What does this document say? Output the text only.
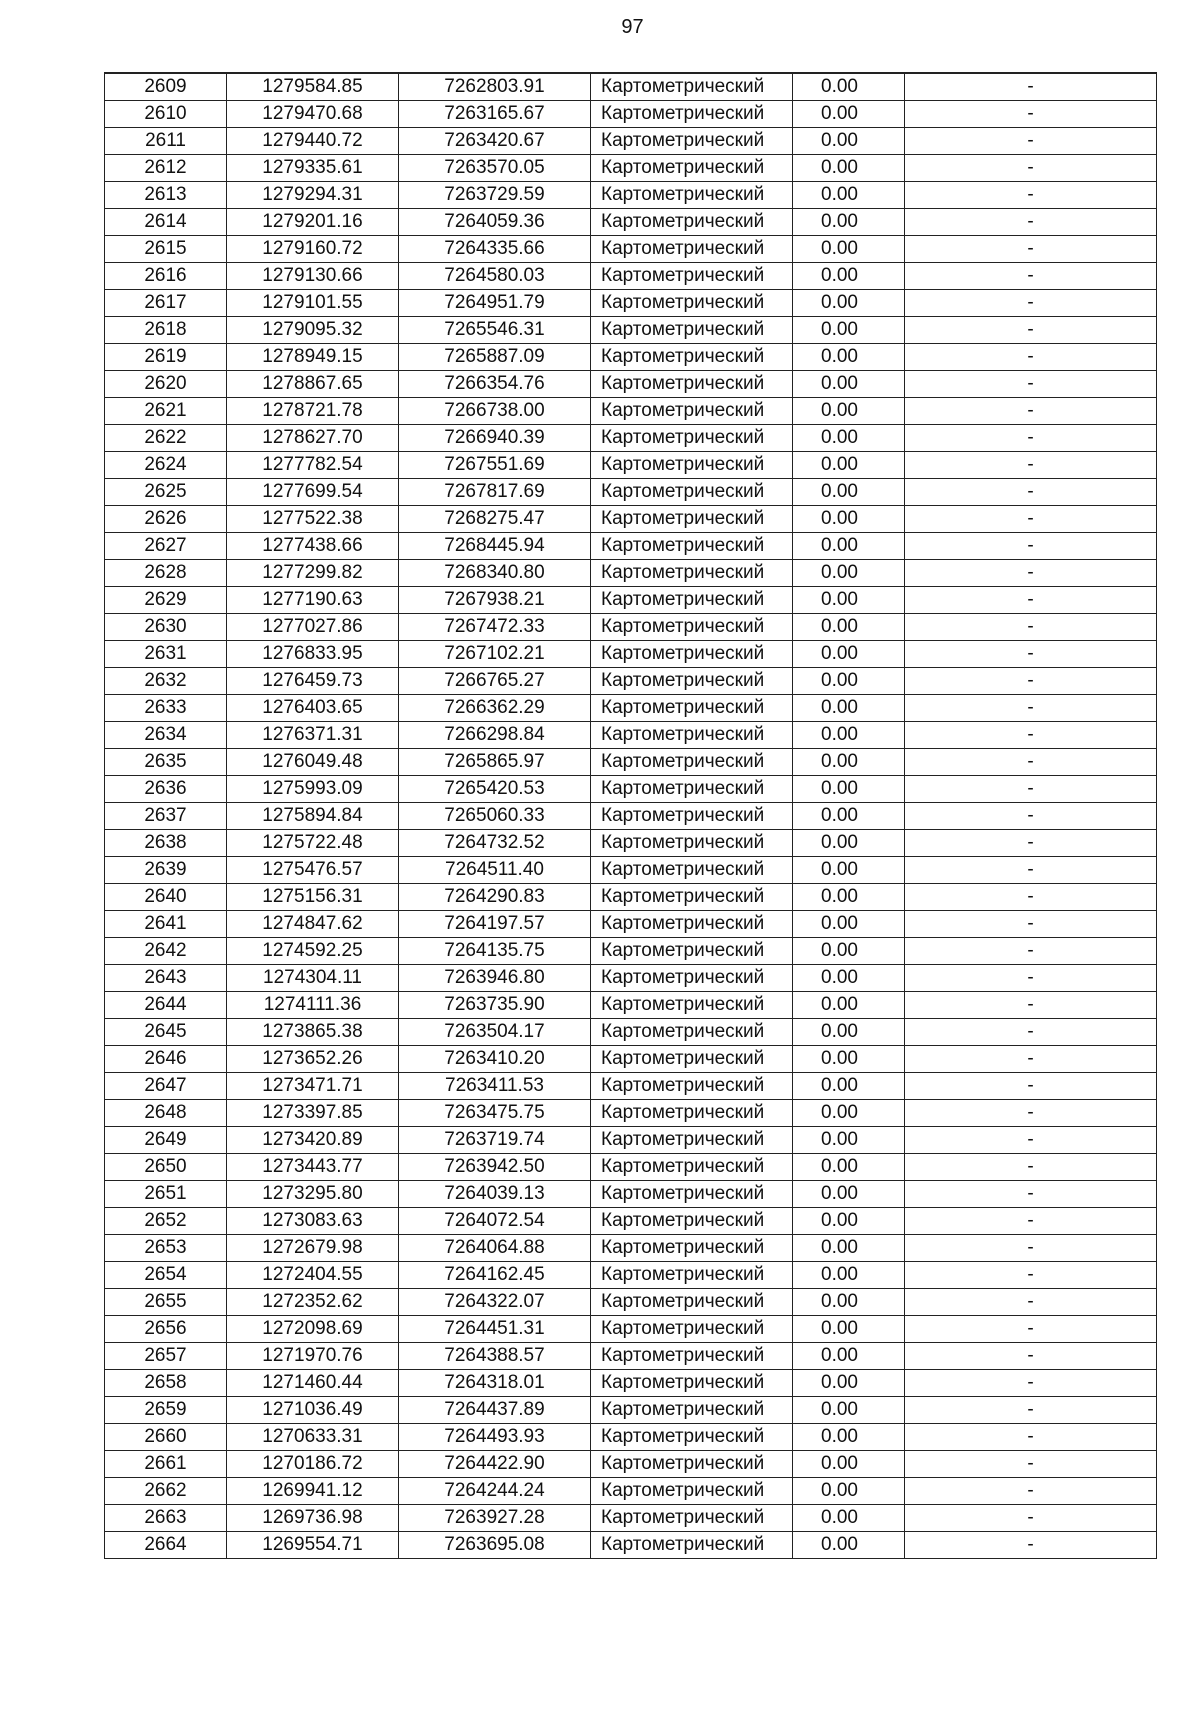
97
2609	1279584.85	7262803.91	Картометрический	0.00	-
2610	1279470.68	7263165.67	Картометрический	0.00	-
2611	1279440.72	7263420.67	Картометрический	0.00	-
2612	1279335.61	7263570.05	Картометрический	0.00	-
2613	1279294.31	7263729.59	Картометрический	0.00	-
2614	1279201.16	7264059.36	Картометрический	0.00	-
2615	1279160.72	7264335.66	Картометрический	0.00	-
2616	1279130.66	7264580.03	Картометрический	0.00	-
2617	1279101.55	7264951.79	Картометрический	0.00	-
2618	1279095.32	7265546.31	Картометрический	0.00	-
2619	1278949.15	7265887.09	Картометрический	0.00	-
2620	1278867.65	7266354.76	Картометрический	0.00	-
2621	1278721.78	7266738.00	Картометрический	0.00	-
2622	1278627.70	7266940.39	Картометрический	0.00	-
2624	1277782.54	7267551.69	Картометрический	0.00	-
2625	1277699.54	7267817.69	Картометрический	0.00	-
2626	1277522.38	7268275.47	Картометрический	0.00	-
2627	1277438.66	7268445.94	Картометрический	0.00	-
2628	1277299.82	7268340.80	Картометрический	0.00	-
2629	1277190.63	7267938.21	Картометрический	0.00	-
2630	1277027.86	7267472.33	Картометрический	0.00	-
2631	1276833.95	7267102.21	Картометрический	0.00	-
2632	1276459.73	7266765.27	Картометрический	0.00	-
2633	1276403.65	7266362.29	Картометрический	0.00	-
2634	1276371.31	7266298.84	Картометрический	0.00	-
2635	1276049.48	7265865.97	Картометрический	0.00	-
2636	1275993.09	7265420.53	Картометрический	0.00	-
2637	1275894.84	7265060.33	Картометрический	0.00	-
2638	1275722.48	7264732.52	Картометрический	0.00	-
2639	1275476.57	7264511.40	Картометрический	0.00	-
2640	1275156.31	7264290.83	Картометрический	0.00	-
2641	1274847.62	7264197.57	Картометрический	0.00	-
2642	1274592.25	7264135.75	Картометрический	0.00	-
2643	1274304.11	7263946.80	Картометрический	0.00	-
2644	1274111.36	7263735.90	Картометрический	0.00	-
2645	1273865.38	7263504.17	Картометрический	0.00	-
2646	1273652.26	7263410.20	Картометрический	0.00	-
2647	1273471.71	7263411.53	Картометрический	0.00	-
2648	1273397.85	7263475.75	Картометрический	0.00	-
2649	1273420.89	7263719.74	Картометрический	0.00	-
2650	1273443.77	7263942.50	Картометрический	0.00	-
2651	1273295.80	7264039.13	Картометрический	0.00	-
2652	1273083.63	7264072.54	Картометрический	0.00	-
2653	1272679.98	7264064.88	Картометрический	0.00	-
2654	1272404.55	7264162.45	Картометрический	0.00	-
2655	1272352.62	7264322.07	Картометрический	0.00	-
2656	1272098.69	7264451.31	Картометрический	0.00	-
2657	1271970.76	7264388.57	Картометрический	0.00	-
2658	1271460.44	7264318.01	Картометрический	0.00	-
2659	1271036.49	7264437.89	Картометрический	0.00	-
2660	1270633.31	7264493.93	Картометрический	0.00	-
2661	1270186.72	7264422.90	Картометрический	0.00	-
2662	1269941.12	7264244.24	Картометрический	0.00	-
2663	1269736.98	7263927.28	Картометрический	0.00	-
2664	1269554.71	7263695.08	Картометрический	0.00	-
